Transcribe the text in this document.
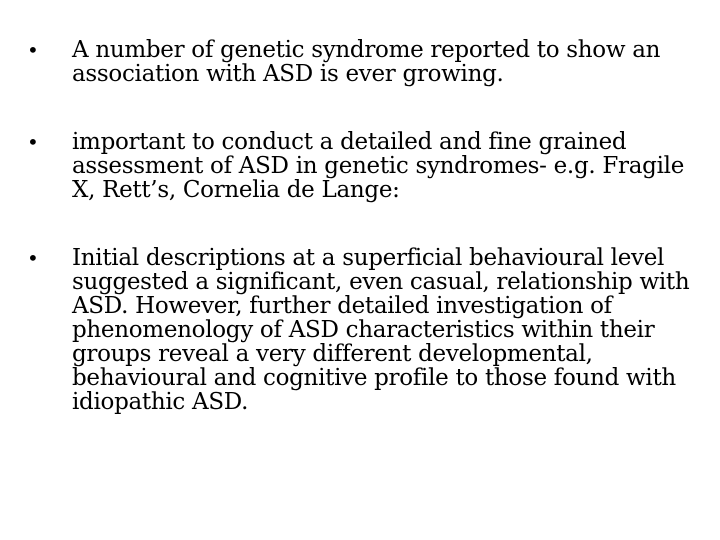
•	A number of genetic syndrome reported to show an association with ASD is ever growing.
•	important to conduct a detailed and fine grained assessment of ASD in genetic syndromes- e.g. Fragile X, Rett’s, Cornelia de Lange:
•	Initial descriptions at a superficial behavioural level suggested a significant, even casual, relationship with ASD. However, further detailed investigation of phenomenology of ASD characteristics within their groups reveal a very different developmental, behavioural and cognitive profile to those found with idiopathic ASD.
